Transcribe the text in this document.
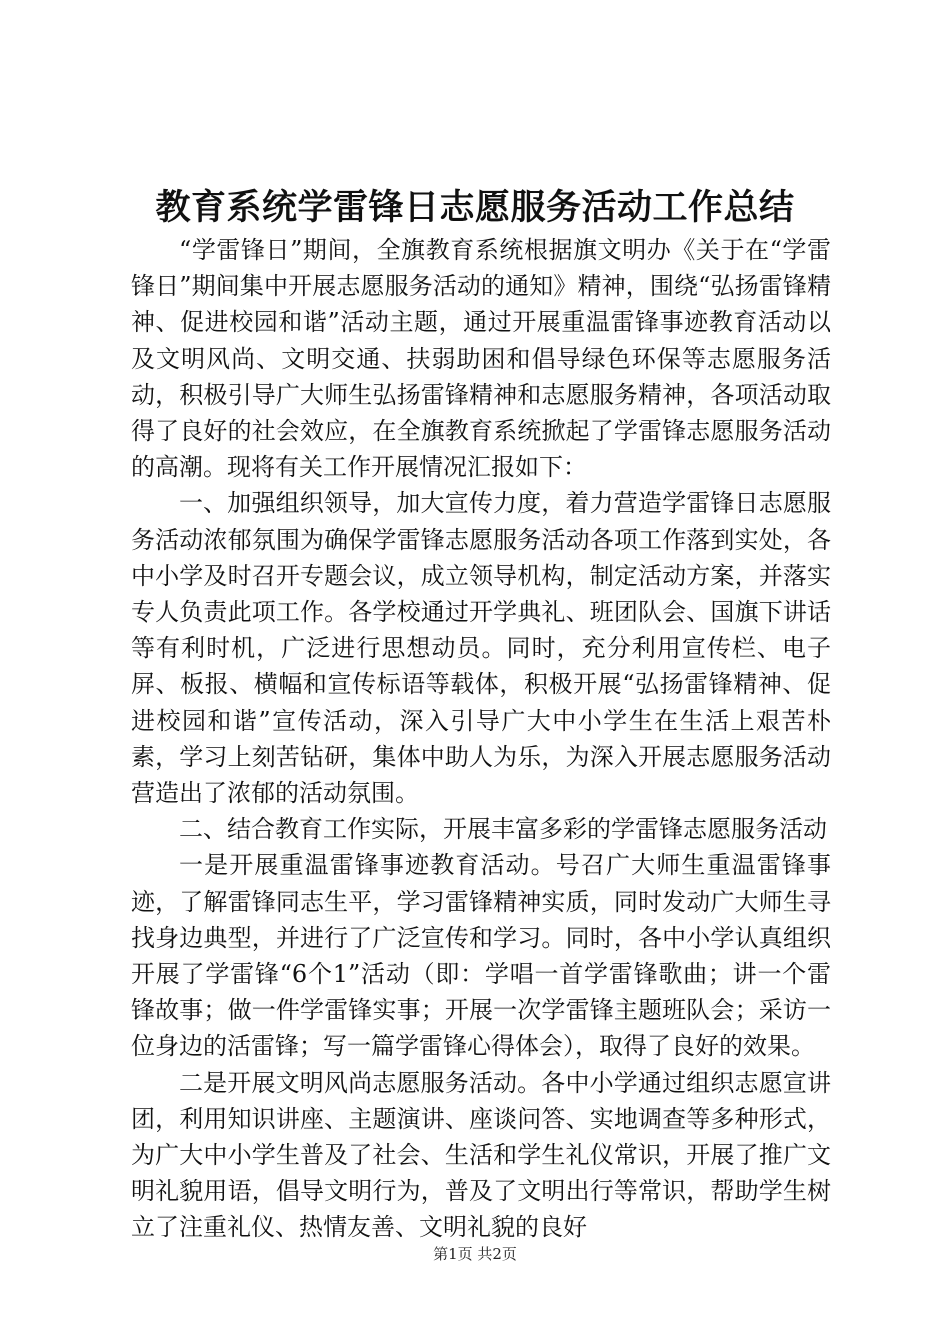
教育系统学雷锋日志愿服务活动工作总结

“学雷锋日”期间，全旗教育系统根据旗文明办《关于在“学雷锋日”期间集中开展志愿服务活动的通知》精神，围绕“弘扬雷锋精神、促进校园和谐”活动主题，通过开展重温雷锋事迹教育活动以及文明风尚、文明交通、扶弱助困和倡导绿色环保等志愿服务活动，积极引导广大师生弘扬雷锋精神和志愿服务精神，各项活动取得了良好的社会效应，在全旗教育系统掀起了学雷锋志愿服务活动的高潮。现将有关工作开展情况汇报如下：

一、加强组织领导，加大宣传力度，着力营造学雷锋日志愿服务活动浓郁氛围为确保学雷锋志愿服务活动各项工作落到实处，各中小学及时召开专题会议，成立领导机构，制定活动方案，并落实专人负责此项工作。各学校通过开学典礼、班团队会、国旗下讲话等有利时机，广泛进行思想动员。同时，充分利用宣传栏、电子屏、板报、横幅和宣传标语等载体，积极开展“弘扬雷锋精神、促进校园和谐”宣传活动，深入引导广大中小学生在生活上艰苦朴素，学习上刻苦钻研，集体中助人为乐，为深入开展志愿服务活动营造出了浓郁的活动氛围。

二、结合教育工作实际，开展丰富多彩的学雷锋志愿服务活动

一是开展重温雷锋事迹教育活动。号召广大师生重温雷锋事迹，了解雷锋同志生平，学习雷锋精神实质，同时发动广大师生寻找身边典型，并进行了广泛宣传和学习。同时，各中小学认真组织开展了学雷锋“6个1”活动（即：学唱一首学雷锋歌曲；讲一个雷锋故事；做一件学雷锋实事；开展一次学雷锋主题班队会；采访一位身边的活雷锋；写一篇学雷锋心得体会），取得了良好的效果。

二是开展文明风尚志愿服务活动。各中小学通过组织志愿宣讲团，利用知识讲座、主题演讲、座谈问答、实地调查等多种形式，为广大中小学生普及了社会、生活和学生礼仪常识，开展了推广文明礼貌用语，倡导文明行为，普及了文明出行等常识，帮助学生树立了注重礼仪、热情友善、文明礼貌的良好

第1页 共2页
